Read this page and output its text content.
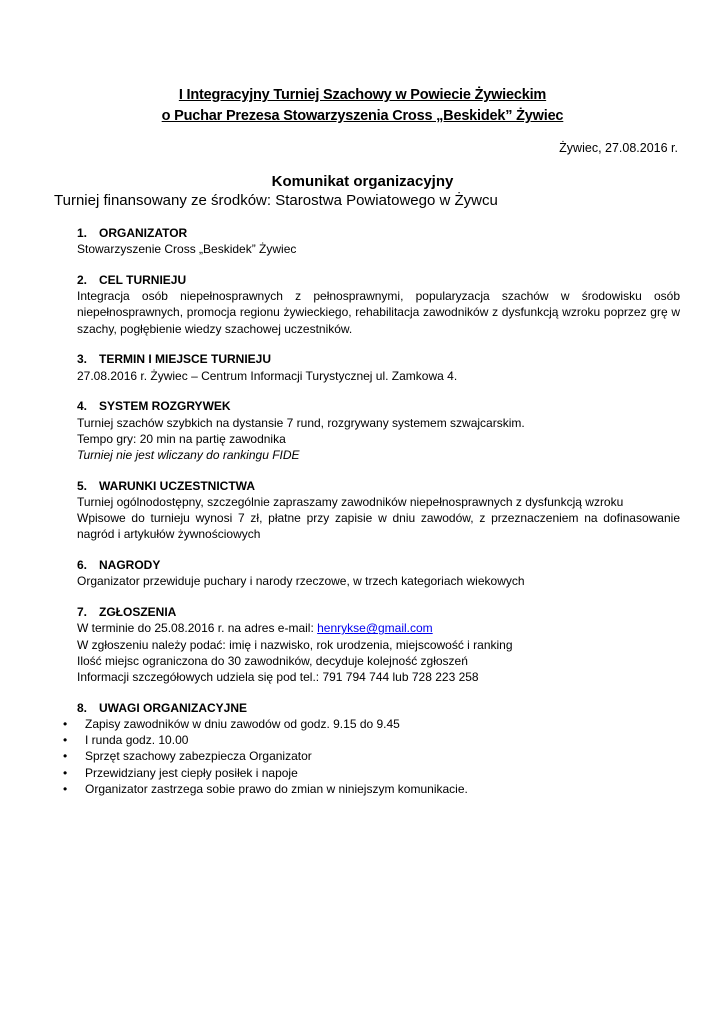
I Integracyjny Turniej Szachowy w Powiecie Żywieckim
o Puchar Prezesa Stowarzyszenia Cross „Beskidek” Żywiec
Żywiec, 27.08.2016 r.
Komunikat organizacyjny
Turniej finansowany ze środków: Starostwa Powiatowego w Żywcu
1. ORGANIZATOR
Stowarzyszenie Cross „Beskidek” Żywiec
2. CEL TURNIEJU
Integracja osób niepełnosprawnych z pełnosprawnymi, popularyzacja szachów w środowisku osób niepełnosprawnych, promocja regionu żywieckiego, rehabilitacja zawodników z dysfunkcją wzroku poprzez grę w szachy, pogłębienie wiedzy szachowej uczestników.
3. TERMIN I MIEJSCE TURNIEJU
27.08.2016 r. Żywiec – Centrum Informacji Turystycznej ul. Zamkowa 4.
4. SYSTEM ROZGRYWEK
Turniej szachów szybkich na dystansie 7 rund, rozgrywany systemem szwajcarskim.
Tempo gry: 20 min na partię zawodnika
Turniej nie jest wliczany do rankingu FIDE
5. WARUNKI UCZESTNICTWA
Turniej ogólnodostępny, szczególnie zapraszamy zawodników niepełnosprawnych z dysfunkcją wzroku
Wpisowe do turnieju wynosi 7 zł, płatne przy zapisie w dniu zawodów, z przeznaczeniem na dofinasowanie nagród i artykułów żywnościowych
6. NAGRODY
Organizator przewiduje puchary i narody rzeczowe, w trzech kategoriach wiekowych
7. ZGŁOSZENIA
W terminie do 25.08.2016 r. na adres e-mail: henrykse@gmail.com
W zgłoszeniu należy podać: imię i nazwisko, rok urodzenia, miejscowość i ranking
Ilość miejsc ograniczona do 30 zawodników, decyduje kolejność zgłoszeń
Informacji szczegółowych udziela się pod tel.: 791 794 744 lub 728 223 258
8. UWAGI ORGANIZACYJNE
• Zapisy zawodników w dniu zawodów od godz. 9.15 do 9.45
• I runda godz. 10.00
• Sprzęt szachowy zabezpiecza Organizator
• Przewidziany jest ciepły posiłek i napoje
• Organizator zastrzega sobie prawo do zmian w niniejszym komunikacie.
